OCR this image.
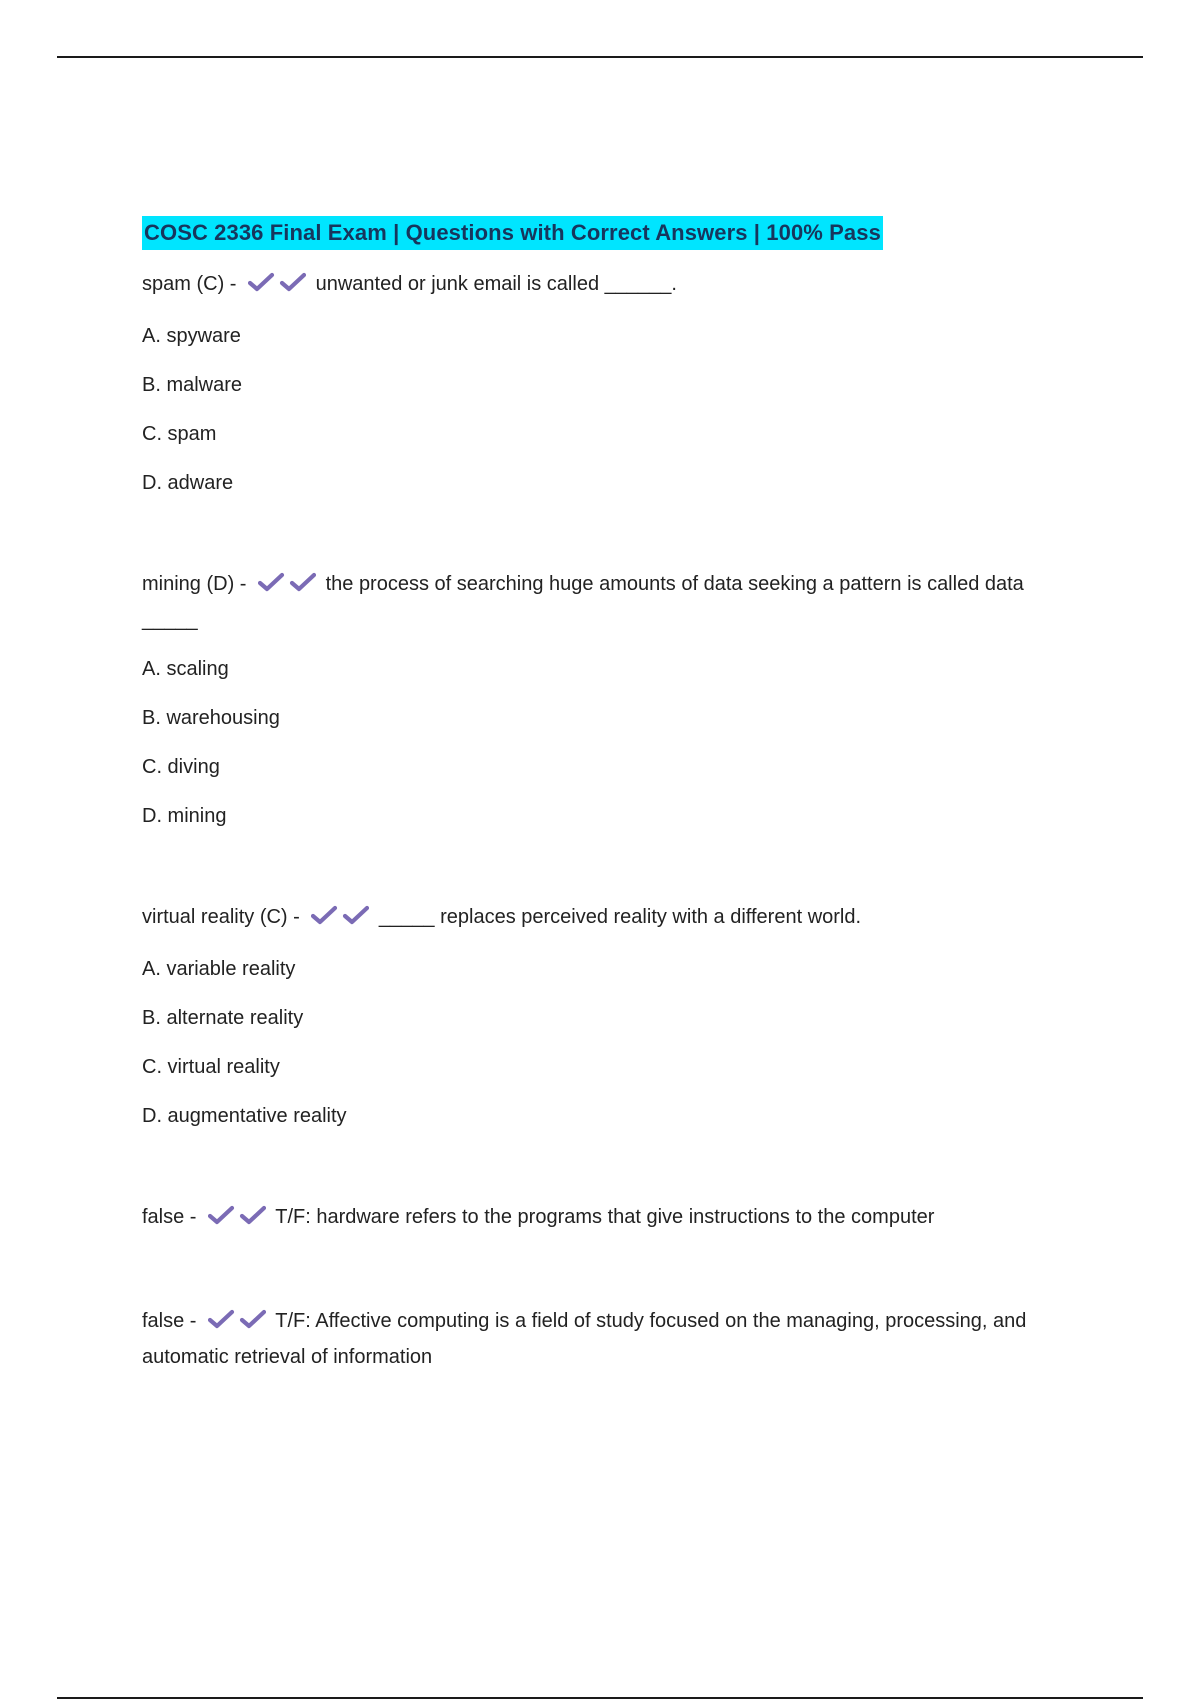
COSC 2336 Final Exam | Questions with Correct Answers | 100% Pass
spam (C) -	unwanted or junk email is called ______.
A. spyware
B. malware
C. spam
D. adware
mining (D) -	the process of searching huge amounts of data seeking a pattern is called data _____
A. scaling
B. warehousing
C. diving
D. mining
virtual reality (C) -	_____ replaces perceived reality with a different world.
A. variable reality
B. alternate reality
C. virtual reality
D. augmentative reality
false -	T/F: hardware refers to the programs that give instructions to the computer
false -	T/F: Affective computing is a field of study focused on the managing, processing, and automatic retrieval of information
